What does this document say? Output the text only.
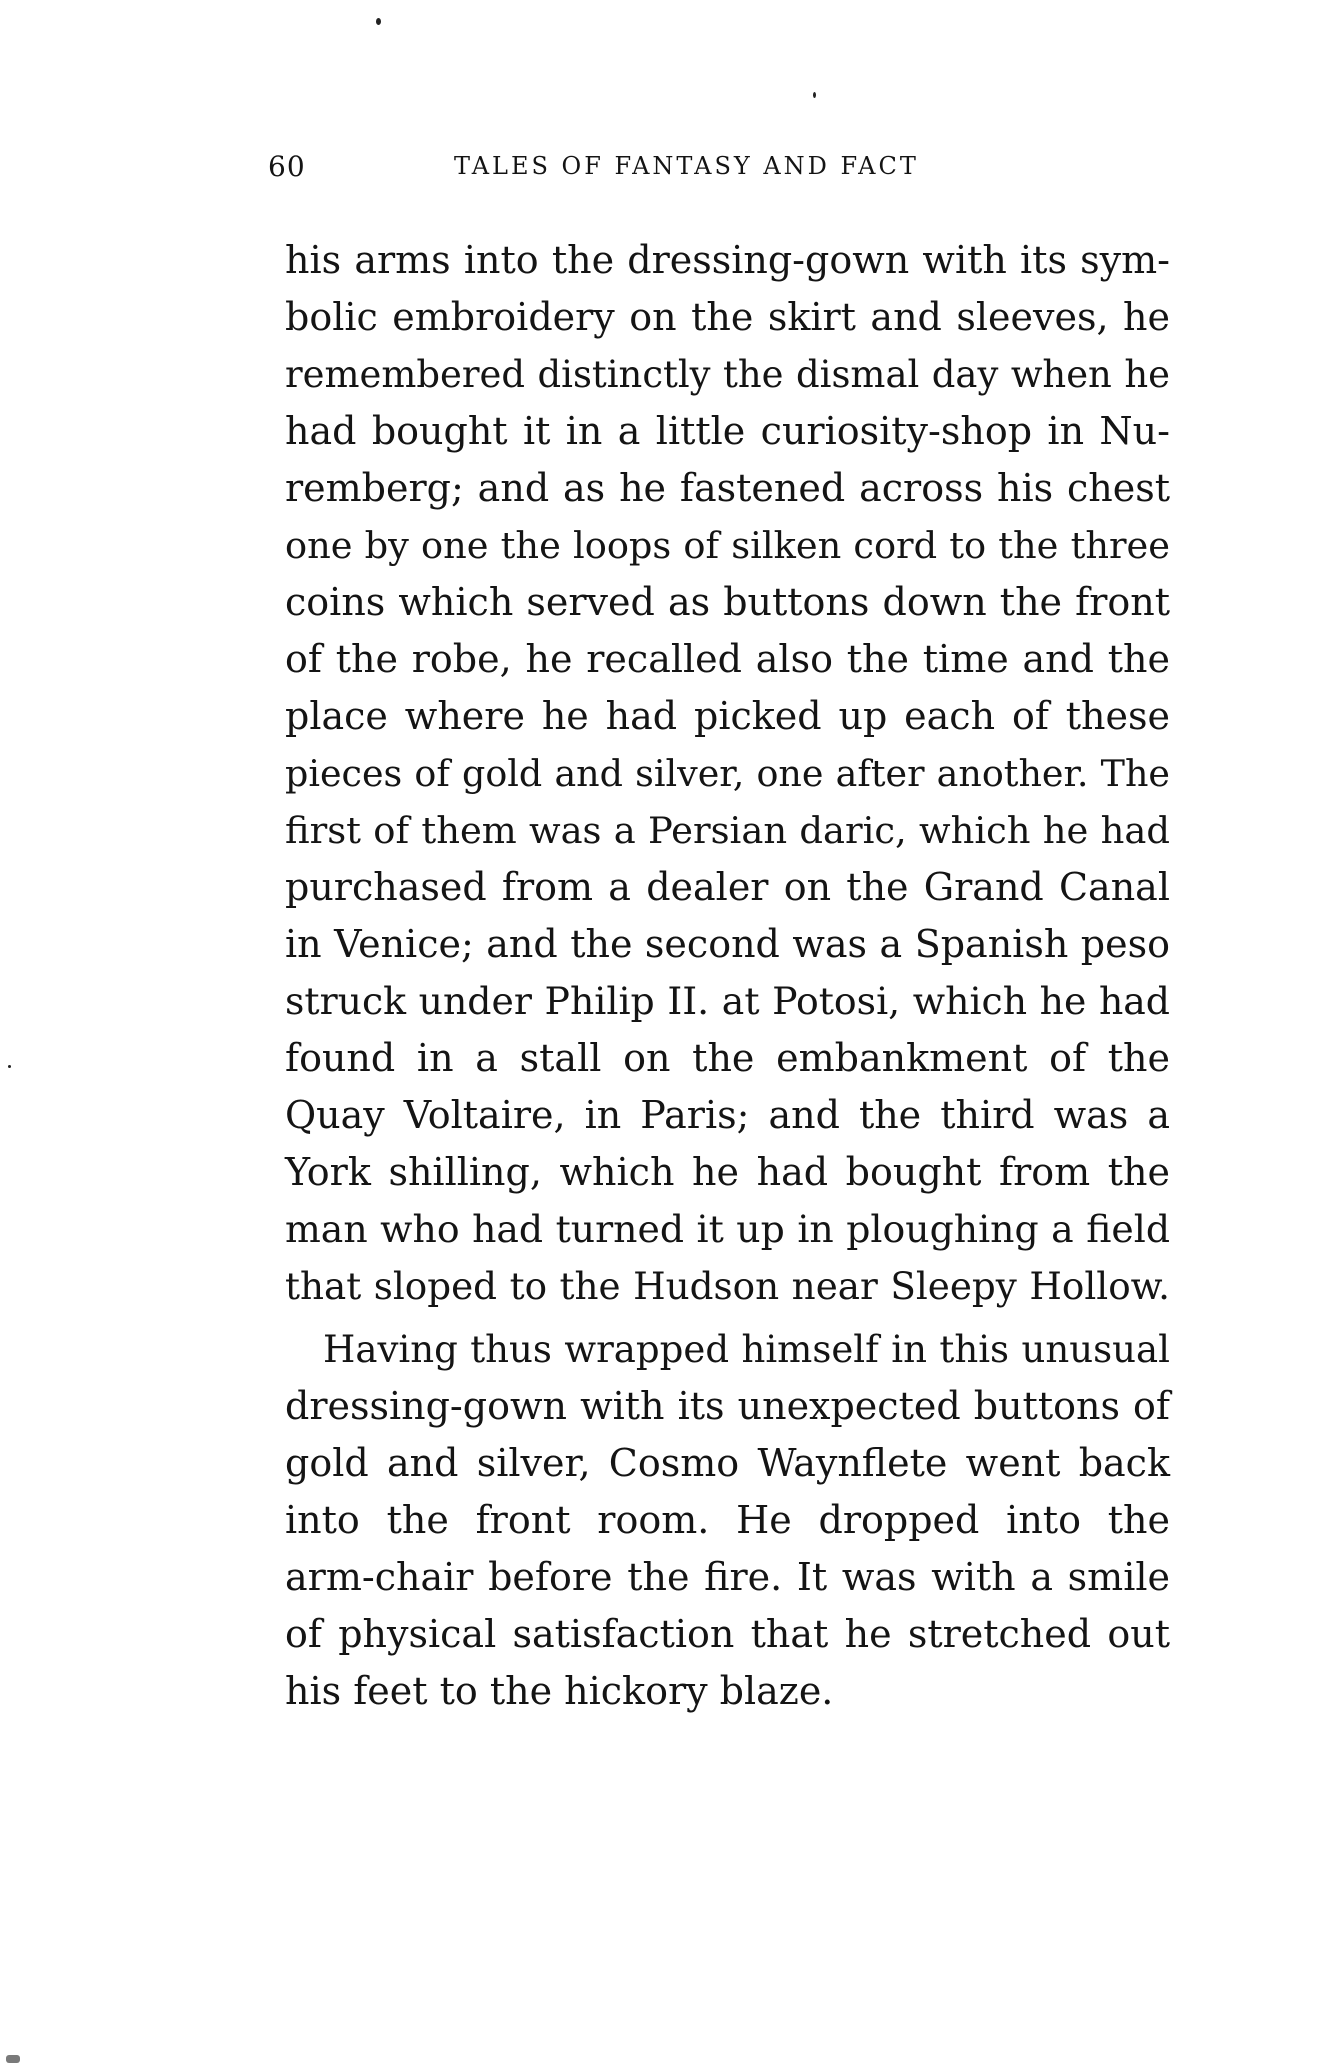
60	TALES OF FANTASY AND FACT
his arms into the dressing-gown with its sym-
bolic embroidery on the skirt and sleeves, he
remembered distinctly the dismal day when he
had bought it in a little curiosity-shop in Nu-
remberg; and as he fastened across his chest
one by one the loops of silken cord to the three
coins which served as buttons down the front
of the robe, he recalled also the time and the
place where he had picked up each of these
pieces of gold and silver, one after another. The
first of them was a Persian daric, which he had
purchased from a dealer on the Grand Canal
in Venice; and the second was a Spanish peso
struck under Philip II. at Potosi, which he had
found in a stall on the embankment of the
Quay Voltaire, in Paris; and the third was a
York shilling, which he had bought from the
man who had turned it up in ploughing a field
that sloped to the Hudson near Sleepy Hollow.
Having thus wrapped himself in this unusual
dressing-gown with its unexpected buttons of
gold and silver, Cosmo Waynflete went back
into the front room. He dropped into the
arm-chair before the fire. It was with a smile
of physical satisfaction that he stretched out
his feet to the hickory blaze.
